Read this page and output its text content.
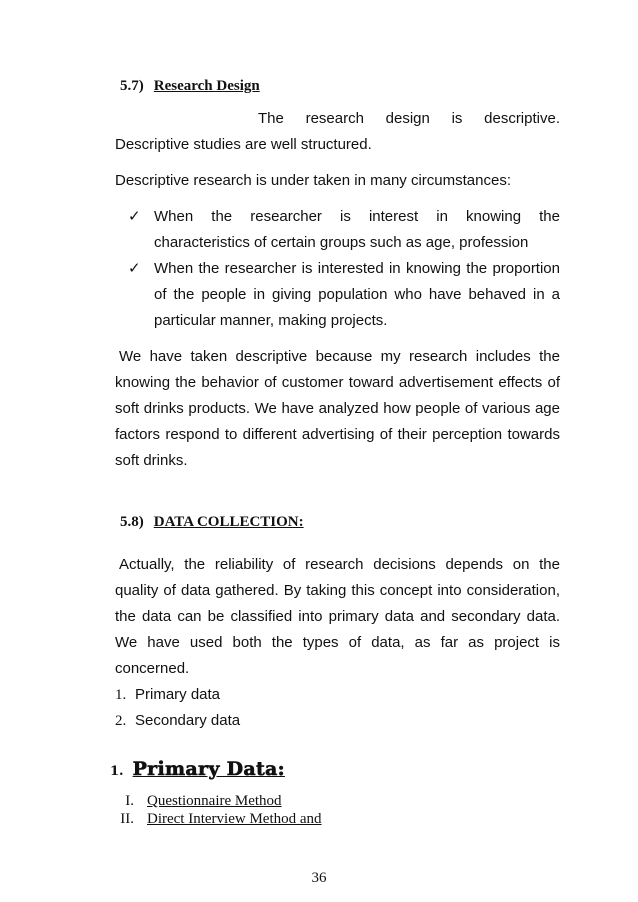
5.7) Research Design
The research design is descriptive.
Descriptive studies are well structured.
Descriptive research is under taken in many circumstances:
✓ When the researcher is interest in knowing the
characteristics of certain groups such as age, profession
✓ When the researcher is interested in knowing the proportion
of the people in giving population who have behaved in a
particular manner, making projects.
We have taken descriptive because my research includes the
knowing the behavior of customer toward advertisement effects of
soft drinks products. We have analyzed how people of various age
factors respond to different advertising of their perception towards
soft drinks.
5.8) DATA COLLECTION:
Actually, the reliability of research decisions depends on the
quality of data gathered. By taking this concept into consideration,
the data can be classified into primary data and secondary data.
We have used both the types of data, as far as project is
concerned.
1. Primary data
2. Secondary data
1. Primary Data:
I. Questionnaire Method
II. Direct Interview Method and
36
